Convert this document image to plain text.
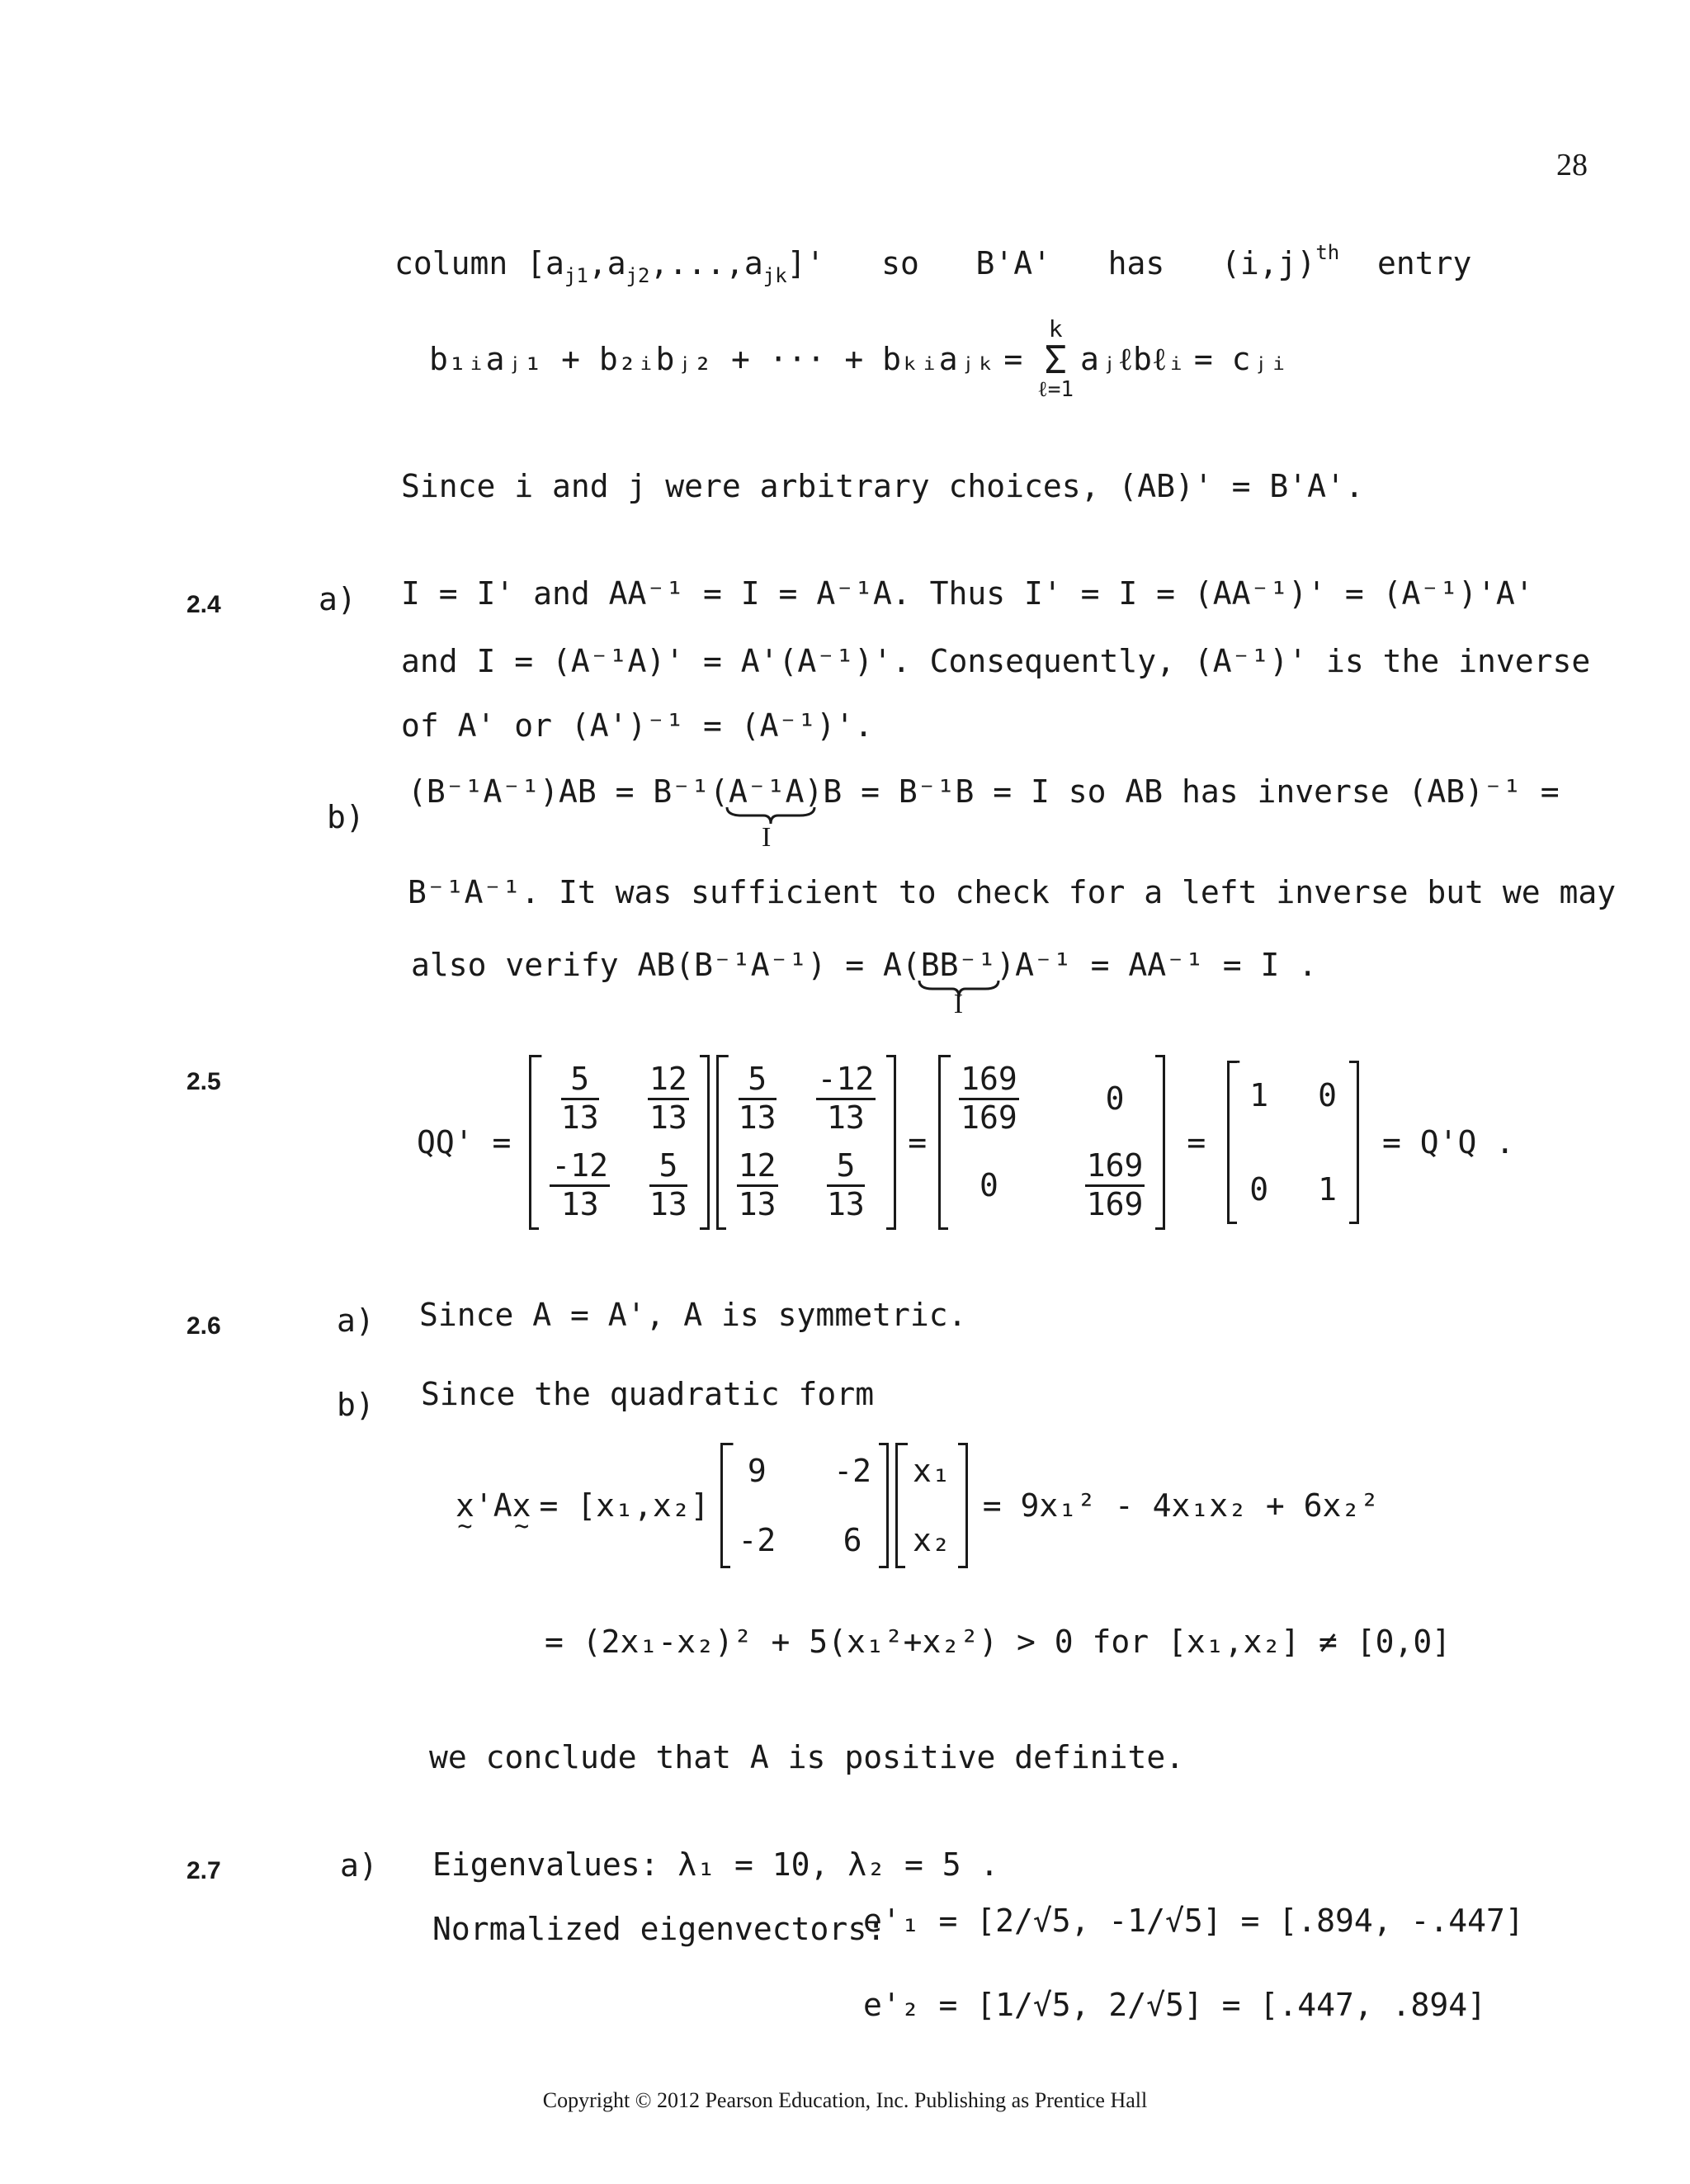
28
column $[a_{j1},a_{j2},...,a_{jk}]'$ so B'A' has $(i,j)^{th}$ entry
b₁ᵢaⱼ₁ + b₂ᵢbⱼ₂ + ··· + bₖᵢaⱼₖ =
k
Σ
ℓ=1
aⱼℓbℓᵢ = cⱼᵢ
Since i and j were arbitrary choices, (AB)' = B'A'.
2.4	a) I = I' and AA⁻¹ = I = A⁻¹A. Thus I' = I = (AA⁻¹)' = (A⁻¹)'A'
and I = (A⁻¹A)' = A'(A⁻¹)'. Consequently, (A⁻¹)' is the inverse
of A' or (A')⁻¹ = (A⁻¹)'.
b)
(B⁻¹A⁻¹)AB = B⁻¹(A⁻¹A
I
)B = B⁻¹B = I so AB has inverse (AB)⁻¹ =
B⁻¹A⁻¹. It was sufficient to check for a left inverse but we may
also verify AB(B⁻¹A⁻¹) = A(BB⁻¹
I
)A⁻¹ = AA⁻¹ = I .
2.5
QQ' =
$\frac{5}{13} \frac{12}{13}$
$\frac{-12}{13} \frac{5}{13}$
$\frac{5}{13} \frac{-12}{13}$
$\frac{12}{13} \frac{5}{13}$
=
$\frac{169}{169}$	0
0	$\frac{169}{169}$
=
1 0
0 1
= Q'Q .
2.6	a) Since A = A', A is symmetric.
b) Since the quadratic form
x ~ 'A x ~ = [x₁,x₂]
9 -2
-2 6
x₁
x₂
= 9x₁² - 4x₁x₂ + 6x₂²
= (2x₁-x₂)² + 5(x₁²+x₂²) > 0 for [x₁,x₂] ≠ [0,0]
we conclude that A is positive definite.
2.7	a) Eigenvalues: λ₁ = 10, λ₂ = 5 .
Normalized eigenvectors:
e'₁ = [2/√5, -1/√5] = [.894, -.447]
e'₂ = [1/√5, 2/√5] = [.447, .894]
Copyright © 2012 Pearson Education, Inc. Publishing as Prentice Hall
